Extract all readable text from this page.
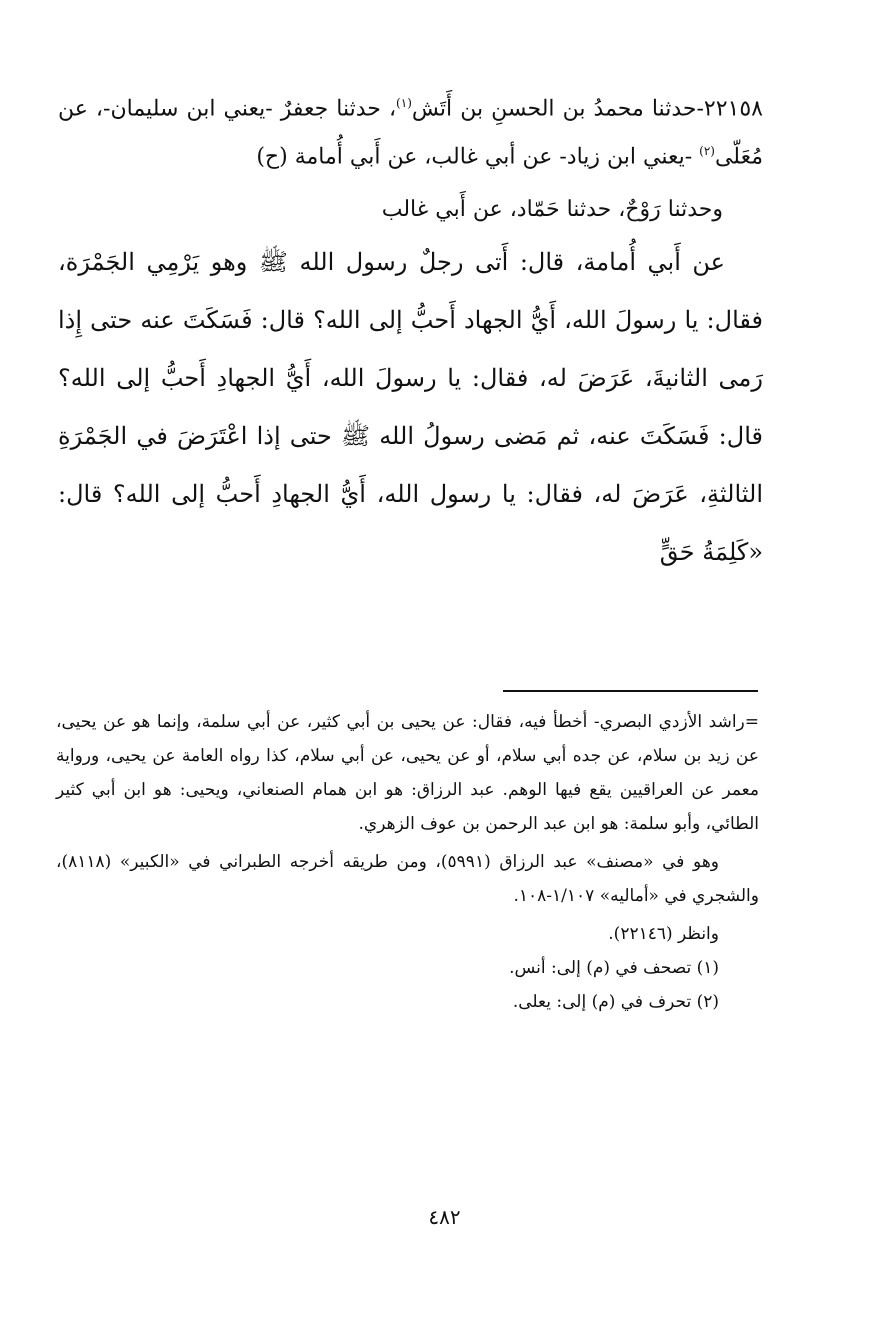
٢٢١٥٨-حدثنا محمدُ بن الحسنِ بن أَتَش$^{(١)}$، حدثنا جعفرٌ -يعني ابن سليمان-، عن مُعَلّى$^{(٢)}$ -يعني ابن زياد- عن أبي غالب، عن أَبي أُمامة (ح)

وحدثنا رَوْحٌ، حدثنا حَمّاد، عن أَبي غالب

عن أَبي أُمامة، قال: أَتى رجلٌ رسول الله ﷺ وهو يَرْمِي الجَمْرَة، فقال: يا رسولَ الله، أَيُّ الجهاد أَحبُّ إلى الله؟ قال: فَسَكَتَ عنه حتى إِذا رَمى الثانيةَ، عَرَضَ له، فقال: يا رسولَ الله، أَيُّ الجهادِ أَحبُّ إلى الله؟ قال: فَسَكَتَ عنه، ثم مَضى رسولُ الله ﷺ حتى إذا اعْتَرَضَ في الجَمْرَةِ الثالثةِ، عَرَضَ له، فقال: يا رسول الله، أَيُّ الجهادِ أَحبُّ إلى الله؟ قال: «كَلِمَةُ حَقٍّ

=راشد الأزدي البصري- أخطأ فيه، فقال: عن يحيى بن أبي كثير، عن أبي سلمة، وإنما هو عن يحيى، عن زيد بن سلام، عن جده أبي سلام، أو عن يحيى، عن أبي سلام، كذا رواه العامة عن يحيى، ورواية معمر عن العراقيين يقع فيها الوهم. عبد الرزاق: هو ابن همام الصنعاني، ويحيى: هو ابن أبي كثير الطائي، وأبو سلمة: هو ابن عبد الرحمن بن عوف الزهري.

وهو في «مصنف» عبد الرزاق (٥٩٩١)، ومن طريقه أخرجه الطبراني في «الكبير» (٨١١٨)، والشجري في «أماليه» ١/١٠٧-١٠٨.

وانظر (٢٢١٤٦).

(١) تصحف في (م) إلى: أنس.

(٢) تحرف في (م) إلى: يعلى.

٤٨٢
